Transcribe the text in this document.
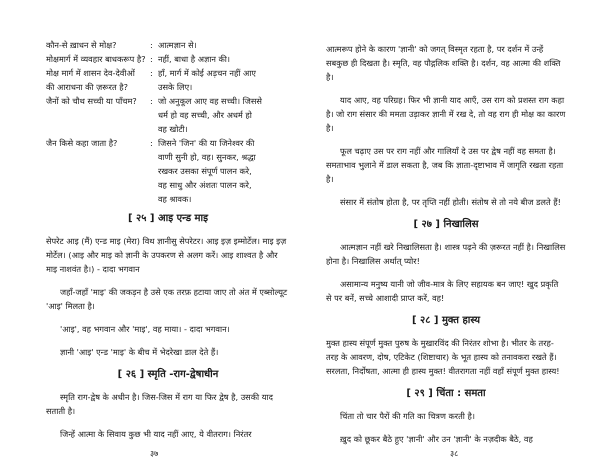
कौन-से ख़ाधन से मोक्ष?	: आत्मज्ञान से।
मोक्षमार्ग में व्यवहार बाधकरूप है? : नहीं, बाधा है अज्ञान की।
मोक्ष मार्ग में शासन देव-देवीओं	: हाँ, मार्ग में कोई अड़चन नहीं आए
की आराधना की ज़रूरत है?	उसके लिए।
जैनों को चौथ सच्ची या पाँचम?	: जो अनुकूल आए वह सच्ची। जिससे
धर्म हो वह सच्ची, और अधर्म हो
वह खोटी।
जैन किसे कहा जाता है?	: जिसने 'जिन' की या जिनेश्वर की
वाणी सुनी हो, वह। सुनकर, श्रद्धा
रखकर उसका संपूर्ण पालन करे,
वह साधु और अंशतः पालन करे,
वह श्रावक।
[ २५ ] आइ एन्ड माइ

सेपरेट आइ (मैं) एन्ड माइ (मेरा) विथ ज्ञानीसु सेपरेटर। आइ इज़ इम्मोर्टेल। माइ इज़ मोर्टेल। (आइ और माइ को ज्ञानी के उपकरण से अलग करें। आइ शाश्वत है और माइ नाशवंत है।) - दादा भगवान

जहाँ-जहाँ 'माइ' की जकड़न है उसे एक तरफ़ हटाया जाए तो अंत में एब्सोल्यूट 'आइ' मिलता है।

'आइ', वह भगवान और 'माइ', वह माया। - दादा भगवान।

ज्ञानी 'आइ' एन्ड 'माइ' के बीच में भेदरेखा डाल देते हैं।

[ २६ ] स्मृति -राग-द्वेषाधीन

स्मृति राग-द्वेष के अधीन है। जिस-जिस में राग या फिर द्वेष है, उसकी याद सताती है।

जिन्हें आत्मा के सिवाय कुछ भी याद नहीं आए, ये वीतराग। निरंतर

३७

आत्मरूप होने के कारण 'ज्ञानी' को जगत् विस्मृत रहता है, पर दर्शन में उन्हें सबकुछ ही दिखता है। स्मृति, वह पौद्गलिक शक्ति है। दर्शन, वह आत्मा की शक्ति है।

याद आए, वह परिग्रह। फिर भी ज्ञानी याद आएँ, उस राग को प्रशस्त राग कहा है। जो राग संसार की ममता उड़ाकर ज्ञानी में रख दे, तो वह राग ही मोक्ष का कारण है।

फूल चढ़ाए उस पर राग नहीं और गालियाँ दे उस पर द्वेष नहीं वह समता है। समताभाव भुलाने में डाल सकता है, जब कि ज्ञाता-दृष्टाभाव में जागृति रखता रहता है।

संसार में संतोष होता है, पर तृप्ति नहीं होती। संतोष से तो नये बीज डलते हैं!

[ २७ ] निखालिस

आत्मज्ञान नहीं खरे निखालिसता है। शास्त्र पढ़ने की ज़रूरत नहीं है। निखालिस होना है। निखालिस अर्थात् प्योर!

असामान्य मनुष्य यानी जो जीव-मात्र के लिए सहायक बन जाए! खुद प्रकृति से पर बनें, सच्चे आशादी प्राप्त करें, वह!

[ २८ ] मुक्त हास्य

मुक्त हास्य संपूर्ण मुक्त पुरुष के मुखारविंद की निरंतर शोभा है। भीतर के तरह-तरह के आवरण, दोष, एटिकेट (शिष्टाचार) के भूत हास्य को तनावकरा रखते हैं। सरलता, निर्दोषता, आत्मा ही हास्य मुक्त! वीतरागता नहीं वहाँ संपूर्ण मुक्त हास्य!

[ २९ ] चिंता : समता

चिंता तो चार पैरों की गति का चित्रण करती है।

ख़ुद को छूकर बैठे हुए 'ज्ञानी' और उन 'ज्ञानी' के नज़दीक बैठे, वह

३८
